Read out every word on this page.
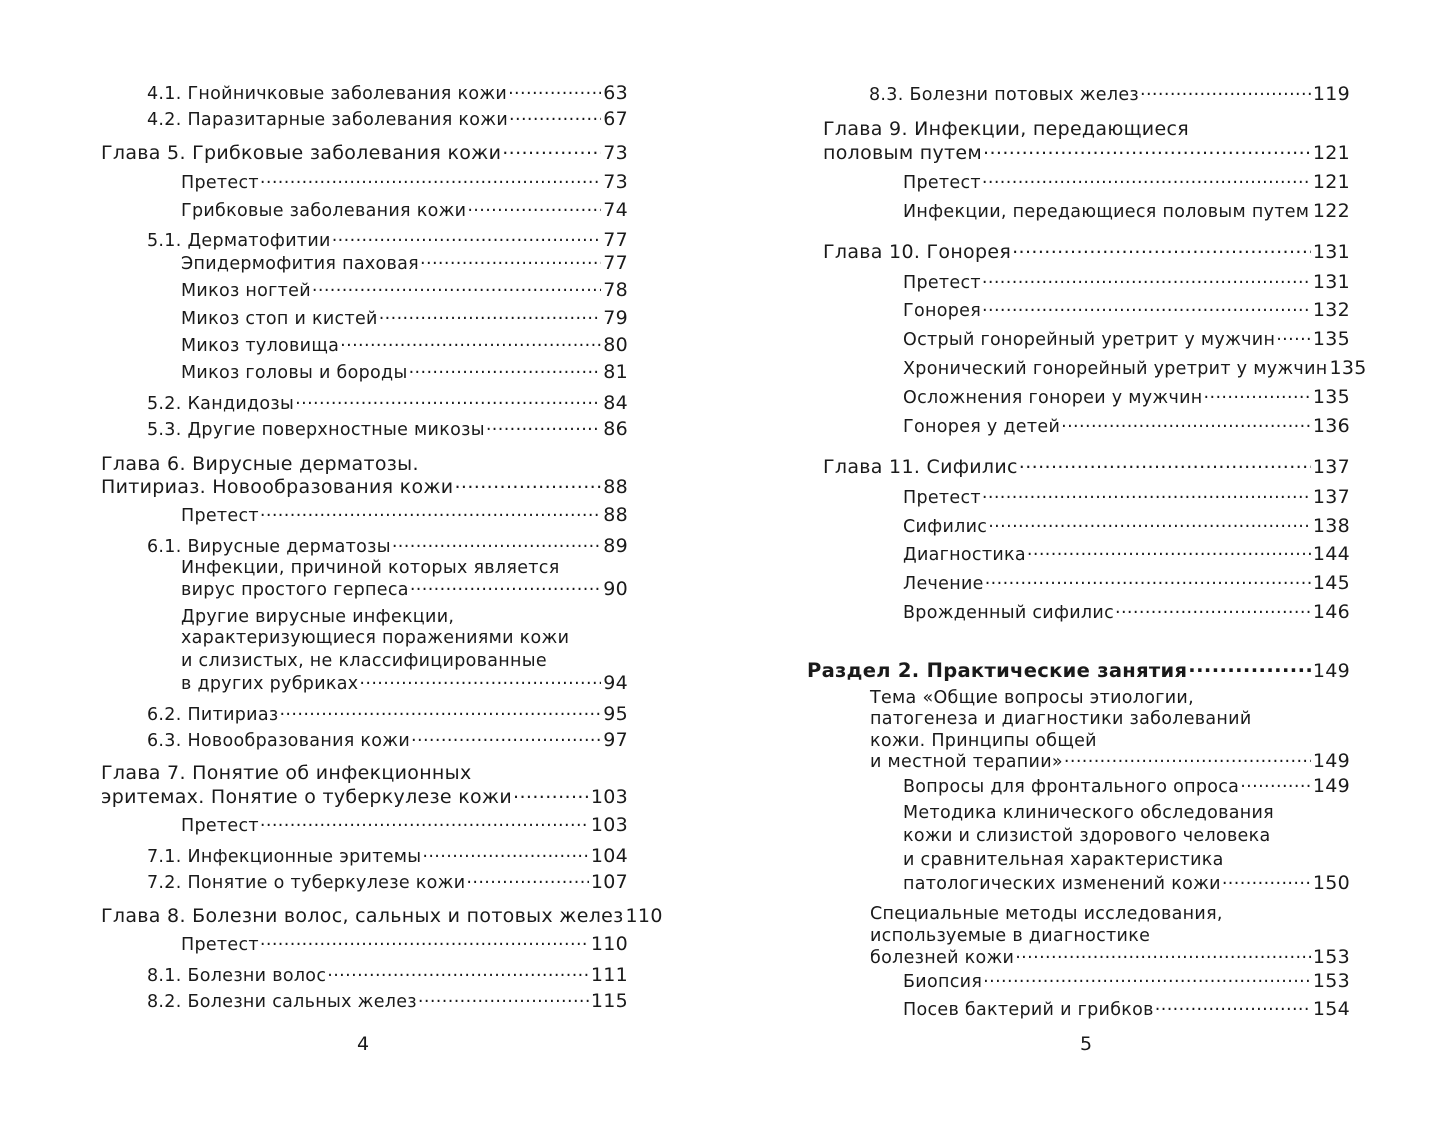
4.1. Гнойничковые заболевания кожи .....	63
4.2. Паразитарные заболевания кожи .....	67
Глава 5. Грибковые заболевания кожи .....	73
Претест .....	73
Грибковые заболевания кожи .....	74
5.1. Дерматофитии .....	77
Эпидермофития паховая .....	77
Микоз ногтей .....	78
Микоз стоп и кистей .....	79
Микоз туловища .....	80
Микоз головы и бороды .....	81
5.2. Кандидозы .....	84
5.3. Другие поверхностные микозы .....	86
Глава 6. Вирусные дерматозы.
Питириаз. Новообразования кожи .....	88
Претест .....	88
6.1. Вирусные дерматозы .....	89
Инфекции, причиной которых является
вирус простого герпеса .....	90
Другие вирусные инфекции,
характеризующиеся поражениями кожи
и слизистых, не классифицированные
в других рубриках .....	94
6.2. Питириаз .....	95
6.3. Новообразования кожи .....	97
Глава 7. Понятие об инфекционных
эритемах. Понятие о туберкулезе кожи .....	103
Претест .....	103
7.1. Инфекционные эритемы .....	104
7.2. Понятие о туберкулезе кожи .....	107
Глава 8. Болезни волос, сальных и потовых желез 110
Претест .....	110
8.1. Болезни волос .....	111
8.2. Болезни сальных желез .....	115
4
8.3. Болезни потовых желез .....	119
Глава 9. Инфекции, передающиеся
половым путем .....	121
Претест .....	121
Инфекции, передающиеся половым путем ..... 122
Глава 10. Гонорея .....	131
Претест .....	131
Гонорея .....	132
Острый гонорейный уретрит у мужчин ..... 135
Хронический гонорейный уретрит у мужчин 135
Осложнения гонореи у мужчин .....	135
Гонорея у детей .....	136
Глава 11. Сифилис .....	137
Претест .....	137
Сифилис .....	138
Диагностика .....	144
Лечение .....	145
Врожденный сифилис .....	146
Раздел 2. Практические занятия .....	149
Тема «Общие вопросы этиологии,
патогенеза и диагностики заболеваний
кожи. Принципы общей
и местной терапии» .....	149
Вопросы для фронтального опроса .....	149
Методика клинического обследования
кожи и слизистой здорового человека
и сравнительная характеристика
патологических изменений кожи .....	150
Специальные методы исследования,
используемые в диагностике
болезней кожи .....	153
Биопсия .....	153
Посев бактерий и грибков .....	154
5
